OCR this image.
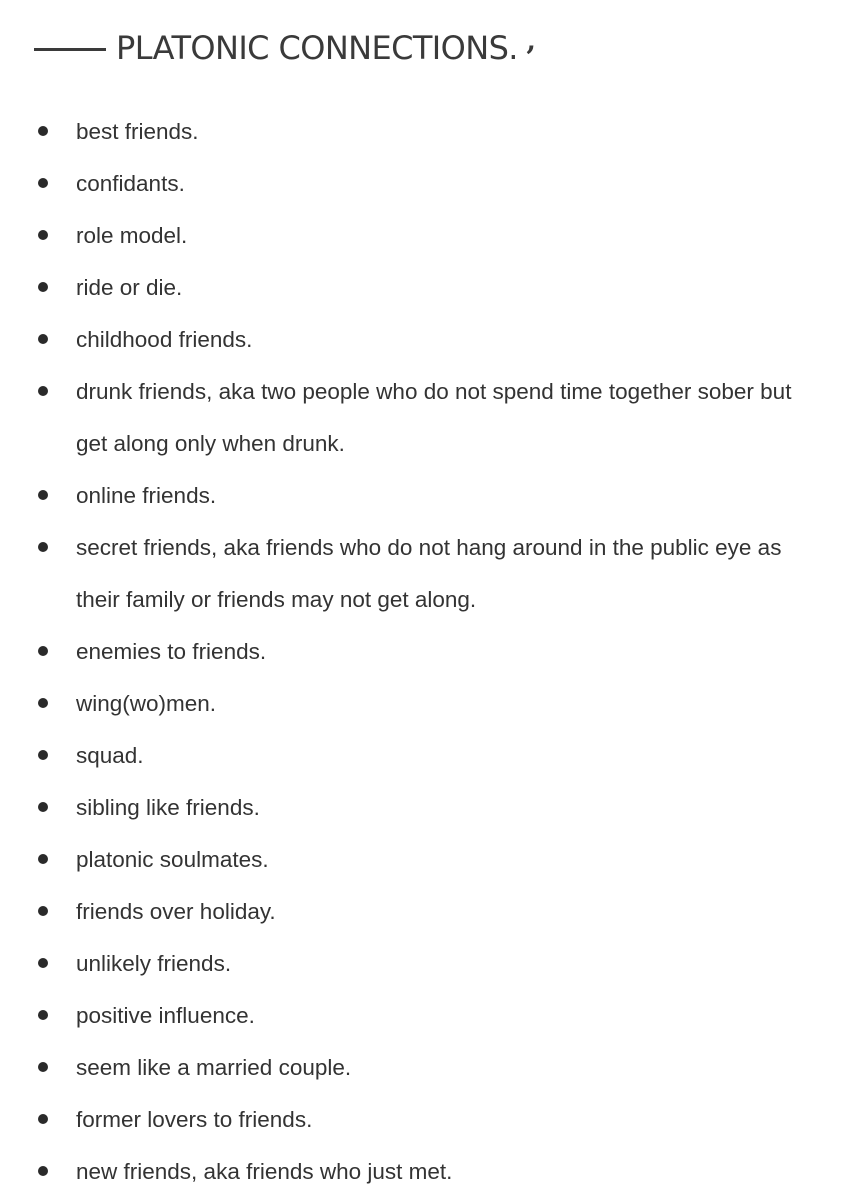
PLATONIC CONNECTIONS. ‚
best friends.
confidants.
role model.
ride or die.
childhood friends.
drunk friends, aka two people who do not spend time together sober but get along only when drunk.
online friends.
secret friends, aka friends who do not hang around in the public eye as their family or friends may not get along.
enemies to friends.
wing(wo)men.
squad.
sibling like friends.
platonic soulmates.
friends over holiday.
unlikely friends.
positive influence.
seem like a married couple.
former lovers to friends.
new friends, aka friends who just met.
